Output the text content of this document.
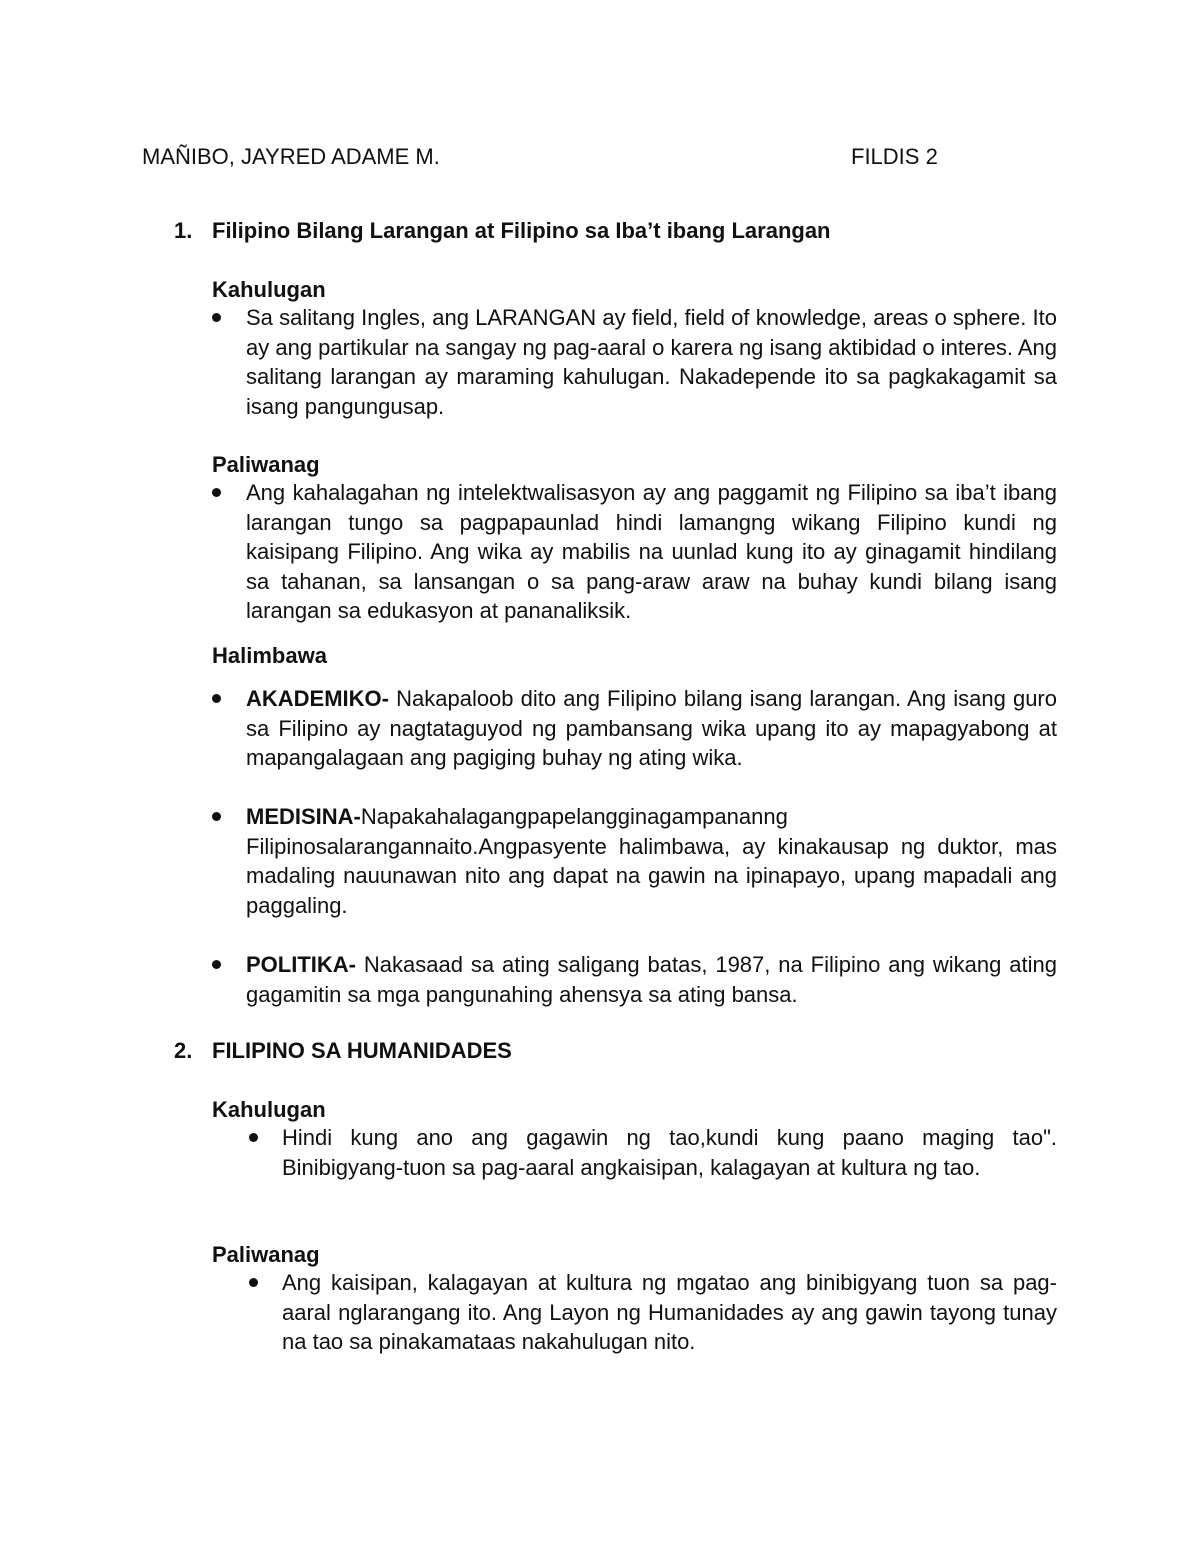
MAÑIBO, JAYRED ADAME M.	FILDIS 2
1. Filipino Bilang Larangan at Filipino sa Iba’t ibang Larangan
Kahulugan
Sa salitang Ingles, ang LARANGAN ay field, field of knowledge, areas o sphere. Ito ay ang partikular na sangay ng pag-aaral o karera ng isang aktibidad o interes. Ang salitang larangan ay maraming kahulugan. Nakadepende ito sa pagkakagamit sa isang pangungusap.
Paliwanag
Ang kahalagahan ng intelektwalisasyon ay ang paggamit ng Filipino sa iba’t ibang larangan tungo sa pagpapaunlad hindi lamangng wikang Filipino kundi ng kaisipang Filipino. Ang wika ay mabilis na uunlad kung ito ay ginagamit hindilang sa tahanan, sa lansangan o sa pang-araw araw na buhay kundi bilang isang larangan sa edukasyon at pananaliksik.
Halimbawa
AKADEMIKO- Nakapaloob dito ang Filipino bilang isang larangan. Ang isang guro sa Filipino ay nagtataguyod ng pambansang wika upang ito ay mapagyabong at mapangalagaan ang pagiging buhay ng ating wika.
MEDISINA-Napakahalagangpapelangginagampananng Filipinosalarangannaito.Angpasyente halimbawa, ay kinakausap ng duktor, mas madaling nauunawan nito ang dapat na gawin na ipinapayo, upang mapadali ang paggaling.
POLITIKA- Nakasaad sa ating saligang batas, 1987, na Filipino ang wikang ating gagamitin sa mga pangunahing ahensya sa ating bansa.
2. FILIPINO SA HUMANIDADES
Kahulugan
Hindi kung ano ang gagawin ng tao,kundi kung paano maging tao". Binibigyang-tuon sa pag-aaral angkaisipan, kalagayan at kultura ng tao.
Paliwanag
Ang kaisipan, kalagayan at kultura ng mgatao ang binibigyang tuon sa pag-aaral nglarangang ito. Ang Layon ng Humanidades ay ang gawin tayong tunay na tao sa pinakamataas nakahulugan nito.
